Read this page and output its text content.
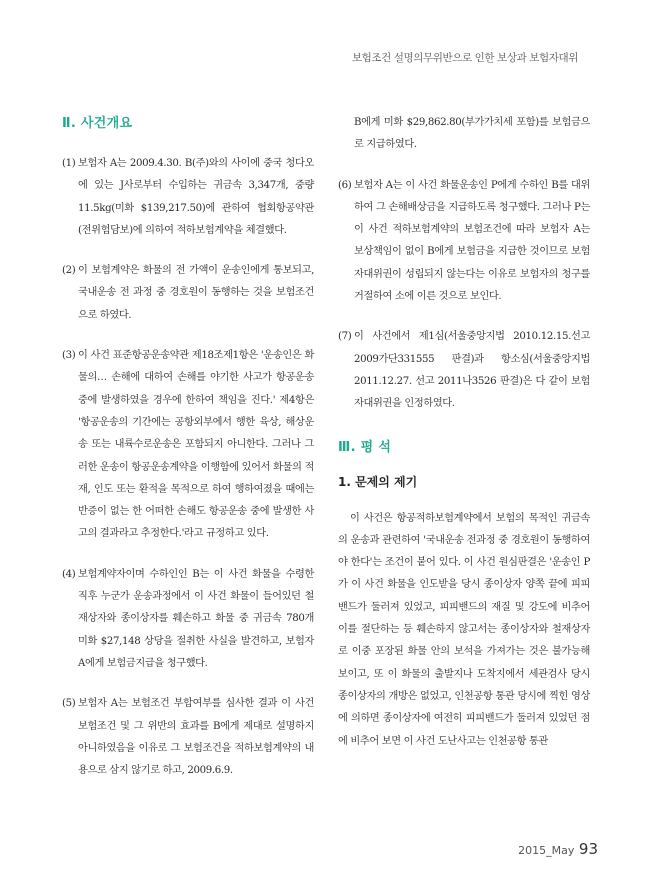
보험조건 설명의무위반으로 인한 보상과 보험자대위
Ⅱ. 사건개요
(1) 보험자 A는 2009.4.30. B(주)와의 사이에 중국 청다오에 있는 J사로부터 수입하는 귀금속 3,347개, 중량 11.5kg(미화 $139,217.50)에 관하여 협회항공약관(전위험담보)에 의하여 적하보험계약을 체결했다.
(2) 이 보험계약은 화물의 전 가액이 운송인에게 통보되고, 국내운송 전 과정 중 경호원이 동행하는 것을 보험조건으로 하였다.
(3) 이 사건 표준항공운송약관 제18조제1항은 '운송인은 화물의… 손해에 대하여 손해를 야기한 사고가 항공운송 중에 발생하였을 경우에 한하여 책임을 진다.' 제4항은 '항공운송의 기간에는 공항외부에서 행한 육상, 해상운송 또는 내륙수로운송은 포함되지 아니한다. 그러나 그러한 운송이 항공운송계약을 이행함에 있어서 화물의 적재, 인도 또는 환적을 목적으로 하여 행하여졌을 때에는 반증이 없는 한 어떠한 손해도 항공운송 중에 발생한 사고의 결과라고 추정한다.'라고 규정하고 있다.
(4) 보험계약자이며 수하인인 B는 이 사건 화물을 수령한 직후 누군가 운송과정에서 이 사건 화물이 들어있던 철재상자와 종이상자를 훼손하고 화물 중 귀금속 780개 미화 $27,148 상당을 절취한 사실을 발견하고, 보험자 A에게 보험금지급을 청구했다.
(5) 보험자 A는 보험조건 부합여부를 심사한 결과 이 사건 보험조건 및 그 위반의 효과를 B에게 제대로 설명하지 아니하였음을 이유로 그 보험조건을 적하보험계약의 내용으로 삼지 않기로 하고, 2009.6.9.
B에게 미화 $29,862.80(부가가치세 포함)를 보험금으로 지급하였다.
(6) 보험자 A는 이 사건 화물운송인 P에게 수하인 B를 대위하여 그 손해배상금을 지급하도록 청구했다. 그러나 P는 이 사건 적하보험계약의 보험조건에 따라 보험자 A는 보상책임이 없이 B에게 보험금을 지급한 것이므로 보험자대위권이 성립되지 않는다는 이유로 보험자의 청구를 거절하여 소에 이른 것으로 보인다.
(7) 이 사건에서 제1심(서울중앙지법 2010.12.15.선고 2009가단331555 판결)과 항소심(서울중앙지법 2011.12.27. 선고 2011나3526 판결)은 다 같이 보험자대위권을 인정하였다.
Ⅲ. 평 석
1. 문제의 제기

이 사건은 항공적하보험계약에서 보험의 목적인 귀금속의 운송과 관련하여 '국내운송 전과정 중 경호원이 동행하여야 한다'는 조건이 붙어 있다. 이 사건 원심판결은 '운송인 P가 이 사건 화물을 인도받을 당시 종이상자 양쪽 끝에 피피밴드가 둘러져 있었고, 피피밴드의 재질 및 강도에 비추어 이를 절단하는 등 훼손하지 않고서는 종이상자와 철재상자로 이중 포장된 화물 안의 보석을 가져가는 것은 불가능해 보이고, 또 이 화물의 출발지나 도착지에서 세관검사 당시 종이상자의 개방은 없었고, 인천공항 통관 당시에 찍힌 영상에 의하면 종이상자에 여전히 피피밴드가 둘러져 있었던 점에 비추어 보면 이 사건 도난사고는 인천공항 통관

2015_May 93
